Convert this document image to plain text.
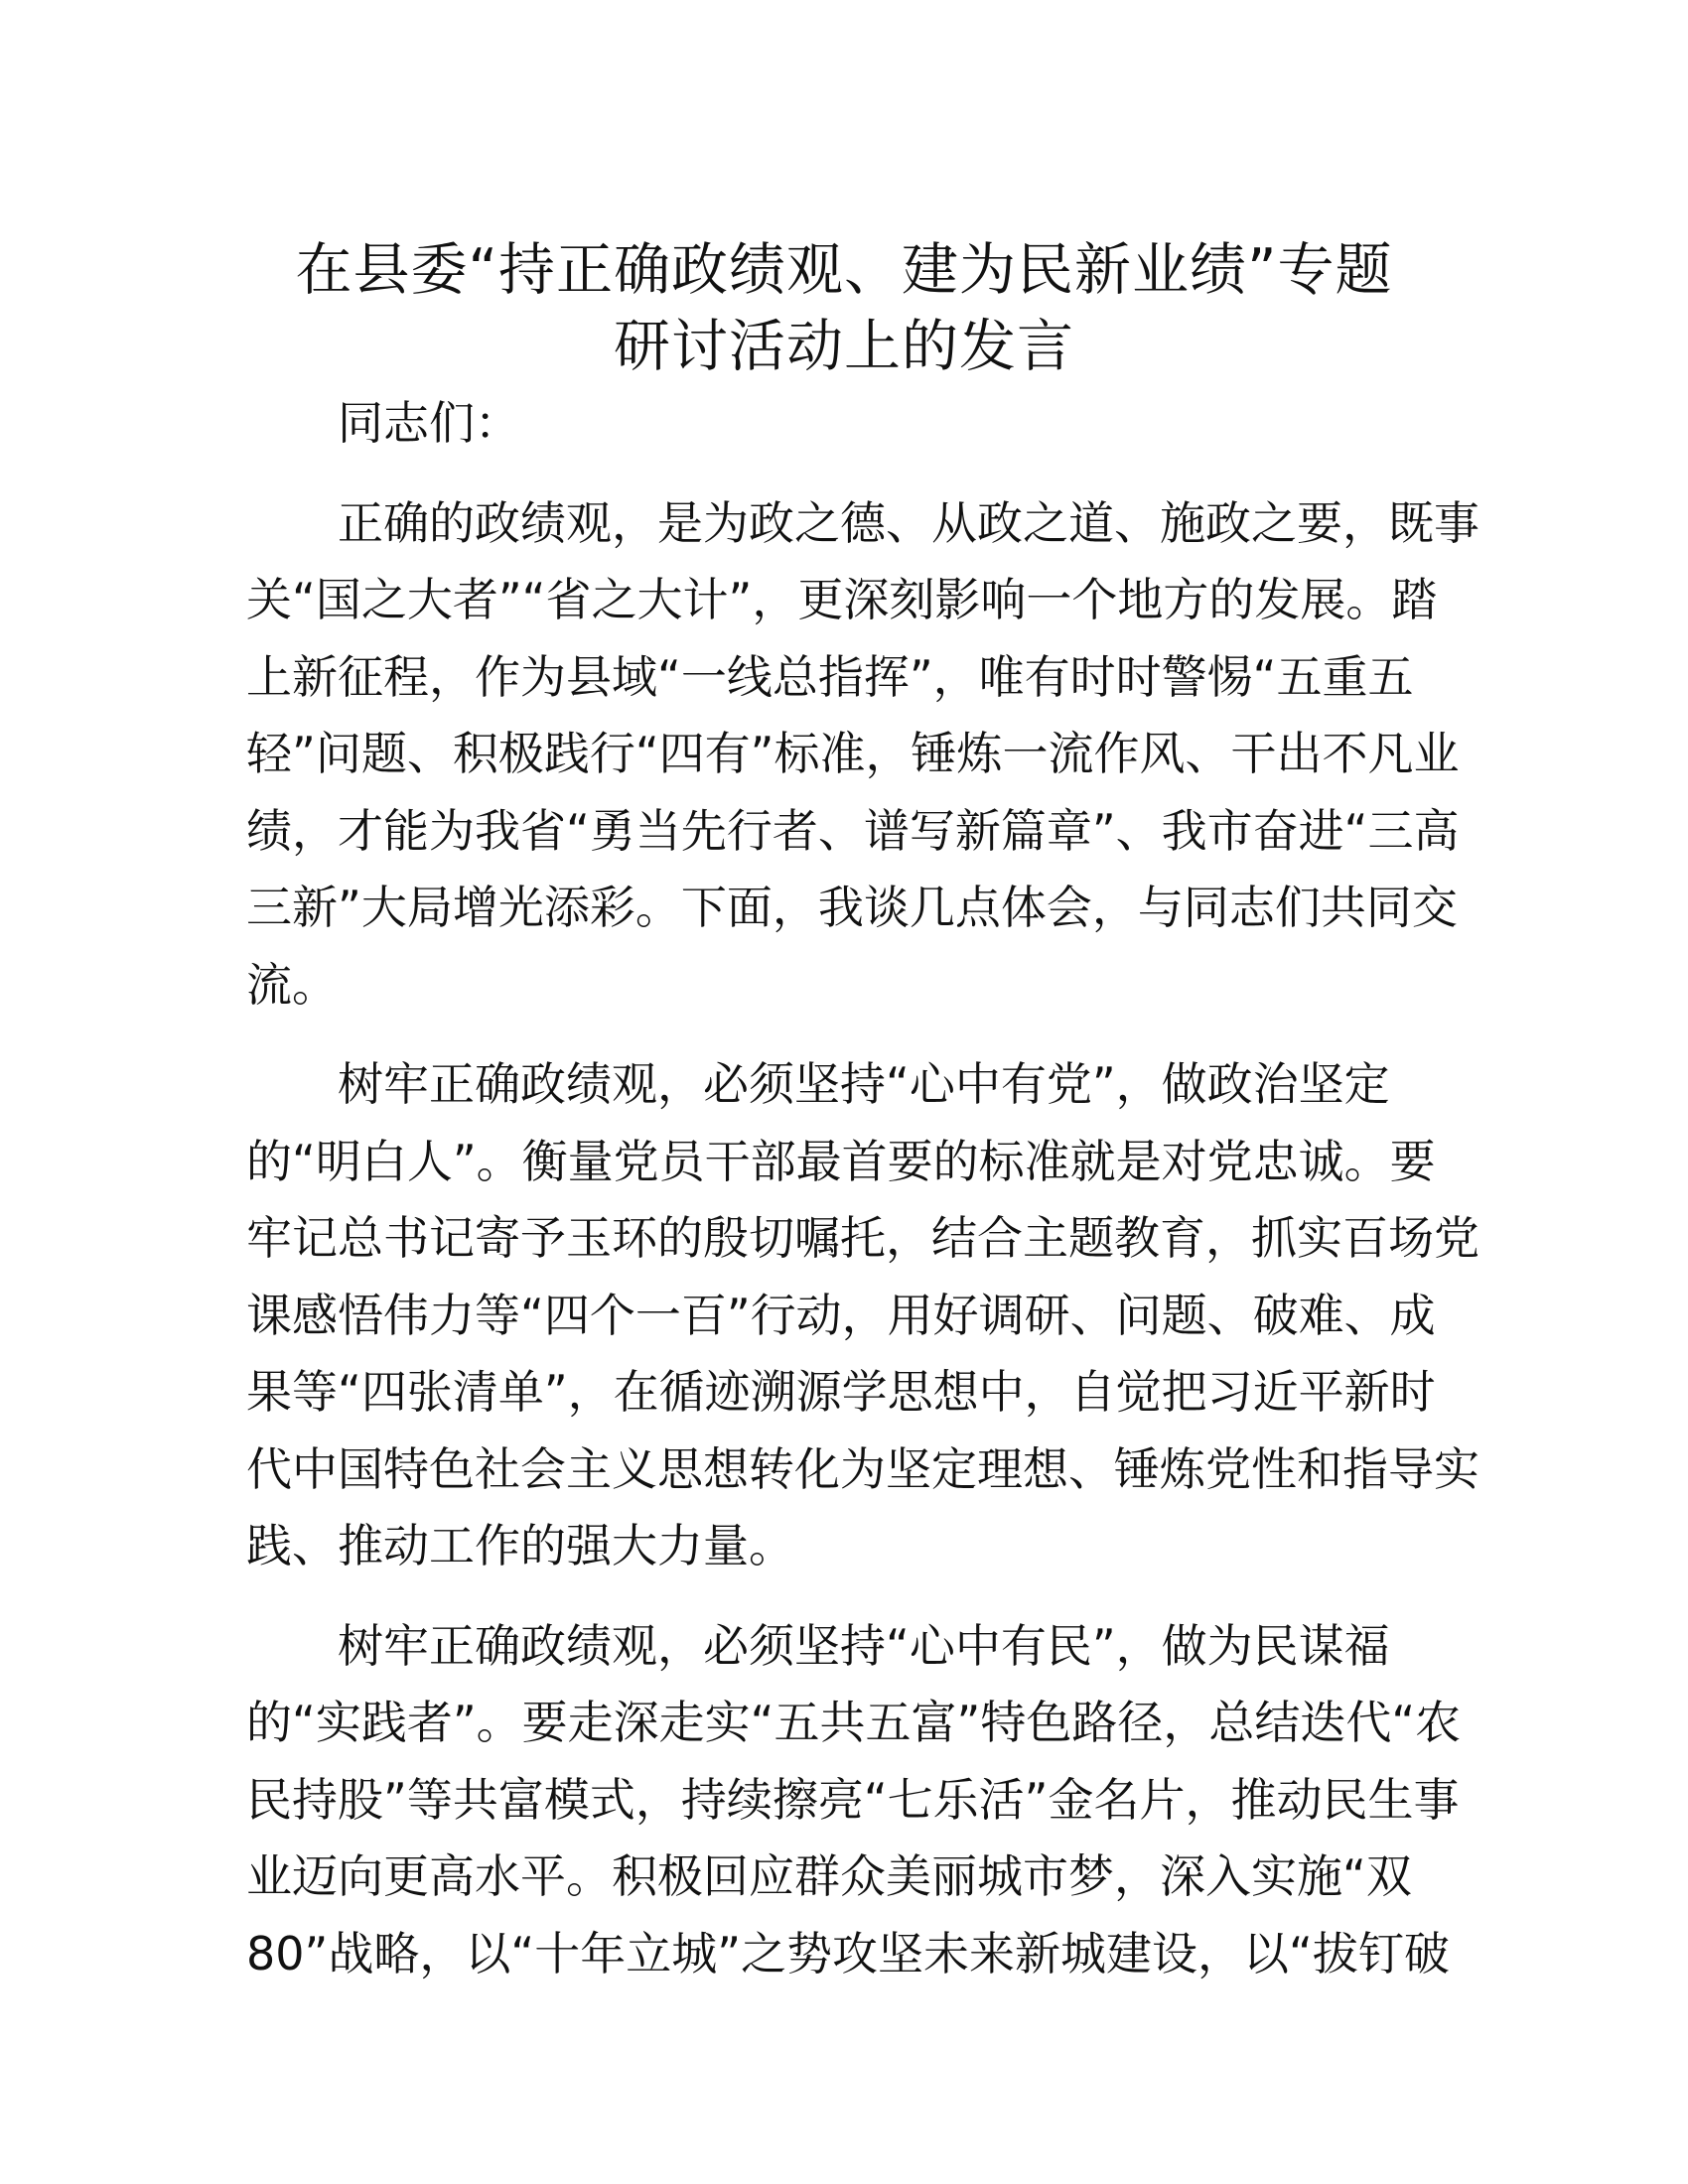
在县委“持正确政绩观、建为民新业绩”专题
研讨活动上的发言

同志们：

正确的政绩观，是为政之德、从政之道、施政之要，既事
关“国之大者”“省之大计”，更深刻影响一个地方的发展。踏
上新征程，作为县域“一线总指挥”，唯有时时警惕“五重五
轻”问题、积极践行“四有”标准，锤炼一流作风、干出不凡业
绩，才能为我省“勇当先行者、谱写新篇章”、我市奋进“三高
三新”大局增光添彩。下面，我谈几点体会，与同志们共同交
流。

树牢正确政绩观，必须坚持“心中有党”，做政治坚定
的“明白人”。衡量党员干部最首要的标准就是对党忠诚。要
牢记总书记寄予玉环的殷切嘱托，结合主题教育，抓实百场党
课感悟伟力等“四个一百”行动，用好调研、问题、破难、成
果等“四张清单”，在循迹溯源学思想中，自觉把习近平新时
代中国特色社会主义思想转化为坚定理想、锤炼党性和指导实
践、推动工作的强大力量。

树牢正确政绩观，必须坚持“心中有民”，做为民谋福
的“实践者”。要走深走实“五共五富”特色路径，总结迭代“农
民持股”等共富模式，持续擦亮“七乐活”金名片，推动民生事
业迈向更高水平。积极回应群众美丽城市梦，深入实施“双
80”战略，以“十年立城”之势攻坚未来新城建设，以“拔钉破
